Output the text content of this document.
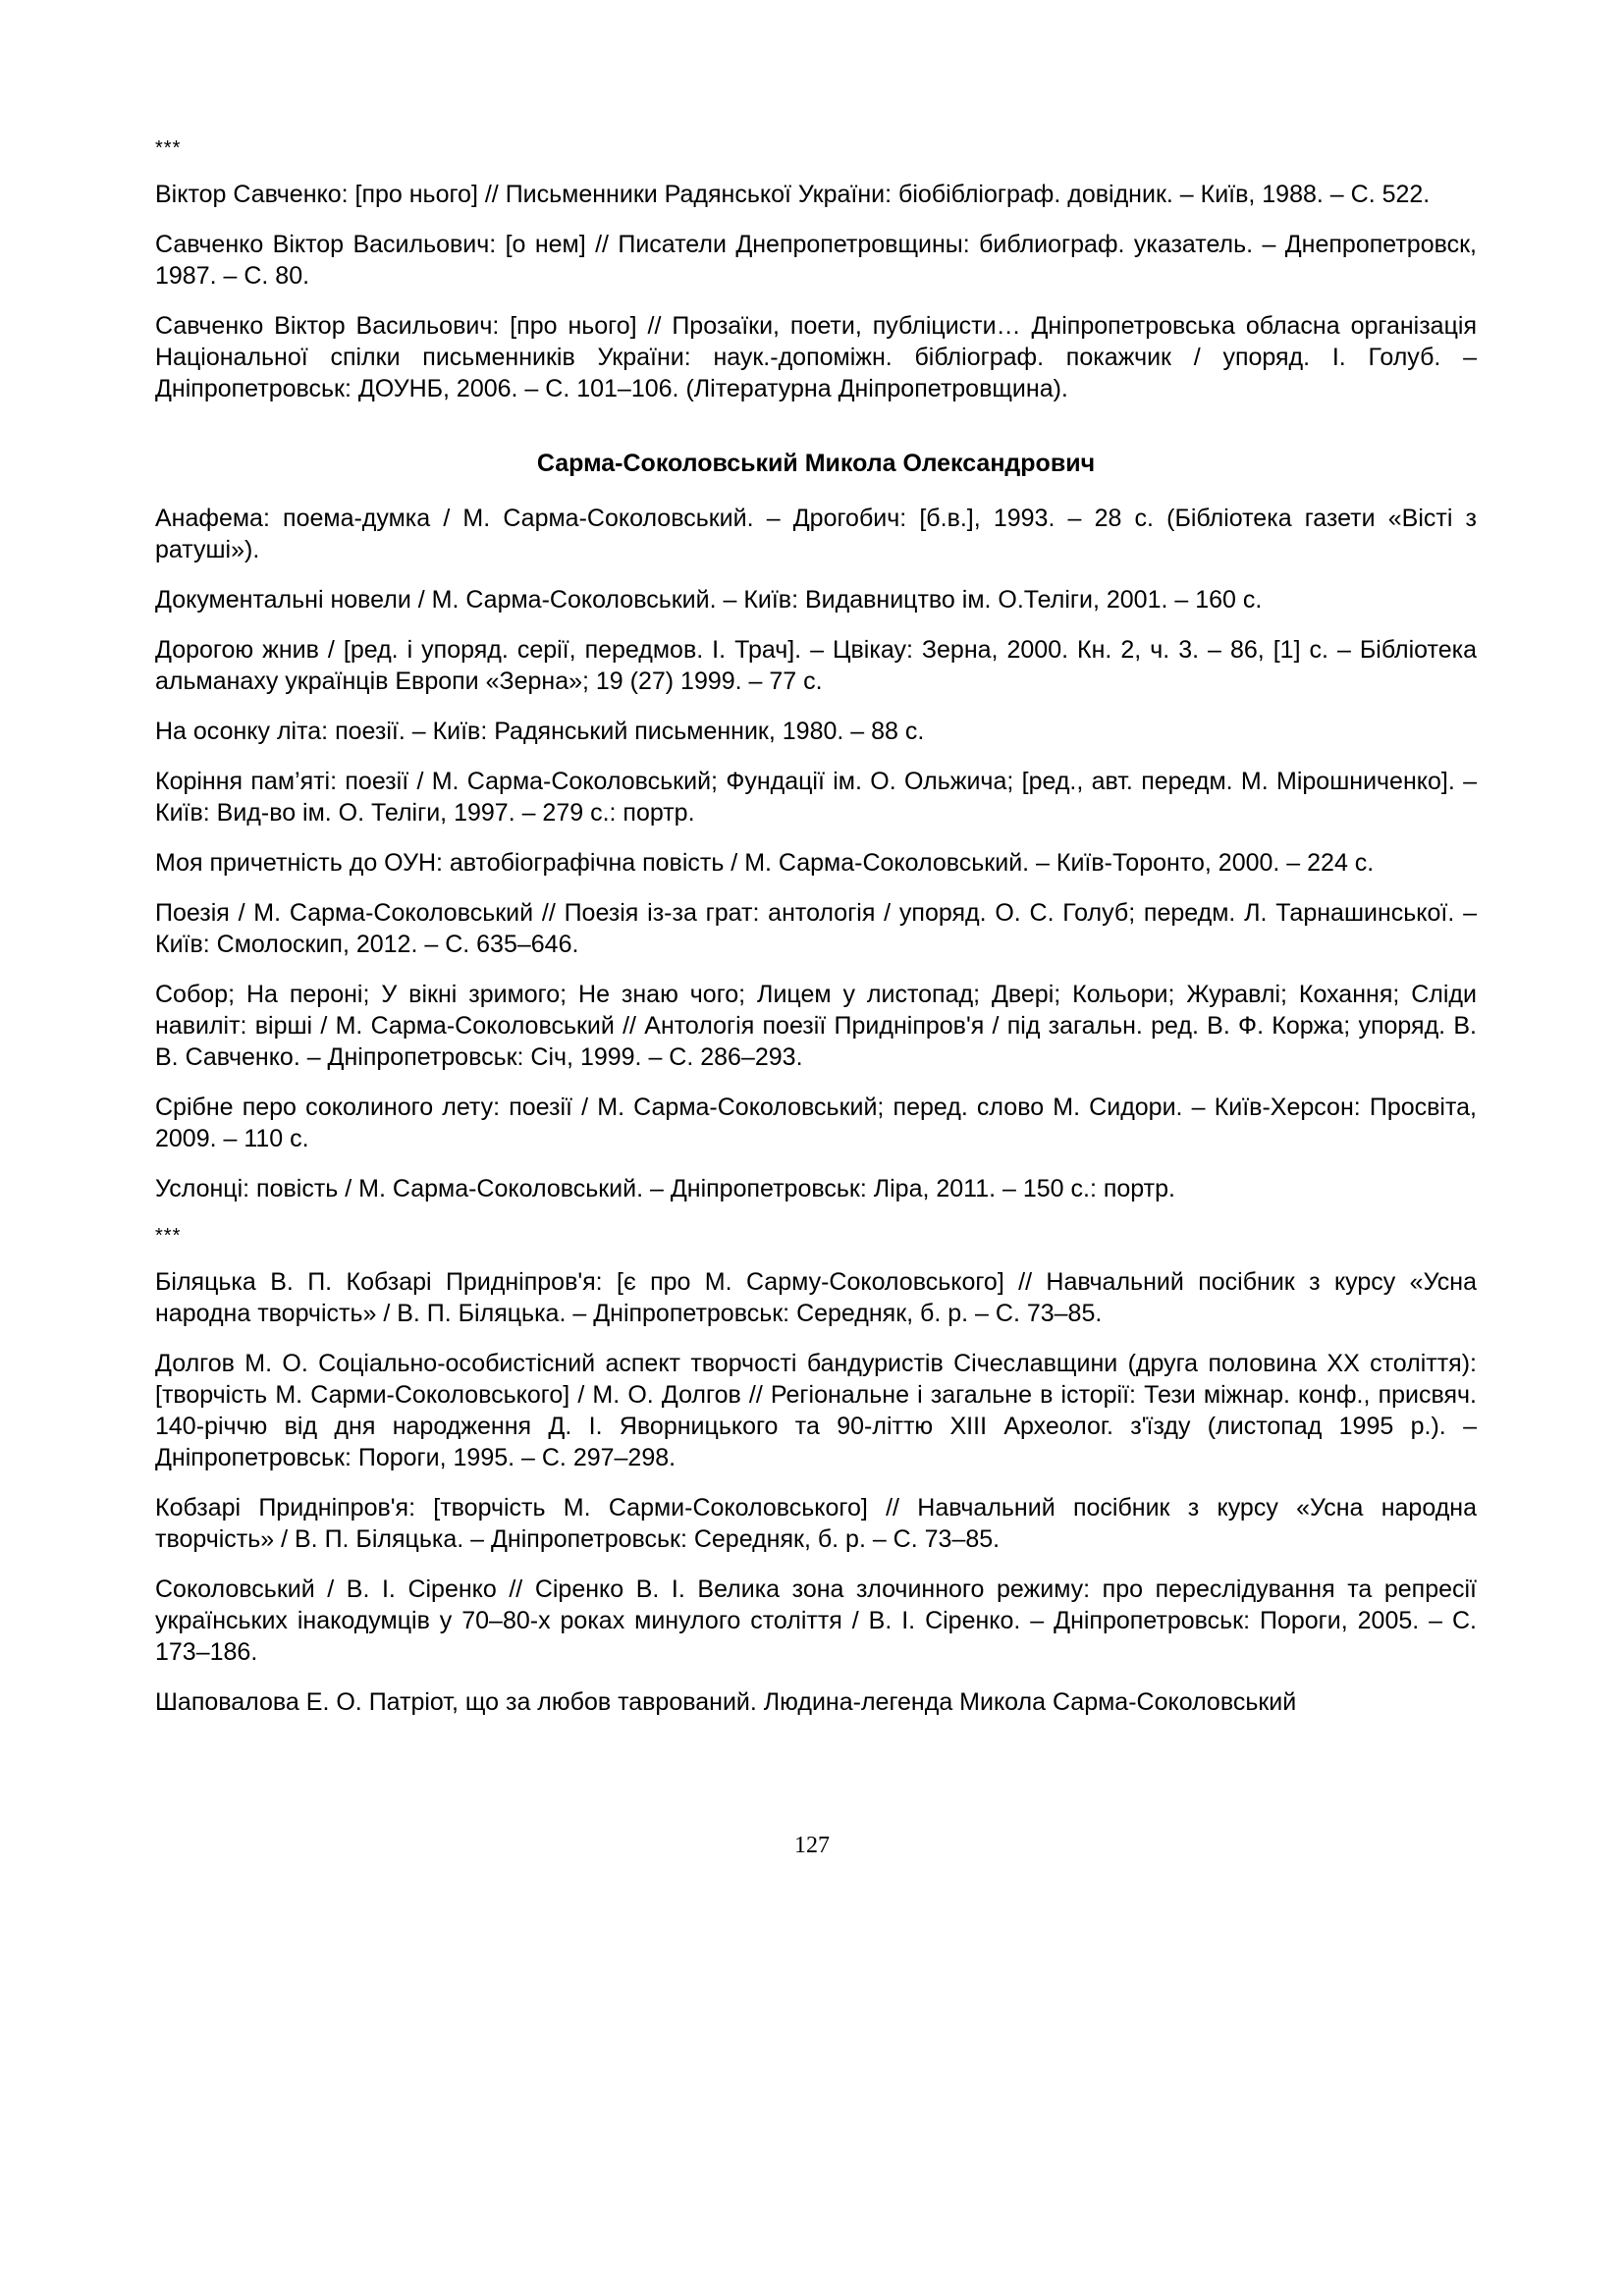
***

Віктор Савченко: [про нього] // Письменники Радянської України: біобібліограф. довідник. – Київ, 1988. – С. 522.

Савченко Віктор Васильович: [о нем] // Писатели Днепропетровщины: библиограф. указатель. – Днепропетровск, 1987. – С. 80.

Савченко Віктор Васильович: [про нього] // Прозаїки, поети, публіцисти… Дніпропетровська обласна організація Національної спілки письменників України: наук.-допоміжн. бібліограф. покажчик / упоряд. І. Голуб. – Дніпропетровськ: ДОУНБ, 2006. – С. 101–106. (Літературна Дніпропетровщина).

Сарма-Соколовський Микола Олександрович

Анафема: поема-думка / М. Сарма-Соколовський. – Дрогобич: [б.в.], 1993. – 28 с. (Бібліотека газети «Вісті з ратуші»).

Документальні новели / М. Сарма-Соколовський. – Київ: Видавництво ім. О.Теліги, 2001. – 160 с.

Дорогою жнив / [ред. і упоряд. серії, передмов. І. Трач]. – Цвікау: Зерна, 2000. Кн. 2, ч. 3. – 86, [1] с. – Бібліотека альманаху українців Европи «Зерна»; 19 (27) 1999. – 77 с.

На осонку літа: поезії. – Київ: Радянський письменник, 1980. – 88 с.

Коріння пам’яті: поезії / М. Сарма-Соколовський; Фундації ім. О. Ольжича; [ред., авт. передм. М. Мірошниченко]. – Київ: Вид-во ім. О. Теліги, 1997. – 279 с.: портр.

Моя причетність до ОУН: автобіографічна повість / М. Сарма-Соколовський. – Київ-Торонто, 2000. – 224 с.

Поезія / М. Сарма-Соколовський // Поезія із-за грат: антологія / упоряд. О. С. Голуб; передм. Л. Тарнашинської. – Київ: Смолоскип, 2012. – С. 635–646.

Собор; На пероні; У вікні зримого; Не знаю чого; Лицем у листопад; Двері; Кольори; Журавлі; Кохання; Сліди навиліт: вірші / М. Сарма-Соколовський // Антологія поезії Придніпров'я / під загальн. ред. В. Ф. Коржа; упоряд. В. В. Савченко. – Дніпропетровськ: Січ, 1999. – С. 286–293.

Срібне перо соколиного лету: поезії / М. Сарма-Соколовський; перед. слово М. Сидори. – Київ-Херсон: Просвіта, 2009. – 110 с.

Услонці: повість / М. Сарма-Соколовський. – Дніпропетровськ: Ліра, 2011. – 150 с.: портр.

***

Біляцька В. П. Кобзарі Придніпров'я: [є про М. Сарму-Соколовського] // Навчальний посібник з курсу «Усна народна творчість» / В. П. Біляцька. – Дніпропетровськ: Середняк, б. р. – С. 73–85.

Долгов М. О. Соціально-особистісний аспект творчості бандуристів Січеславщини (друга половина XX століття): [творчість М. Сарми-Соколовського] / М. О. Долгов // Регіональне і загальне в історії: Тези міжнар. конф., присвяч. 140-річчю від дня народження Д. І. Яворницького та 90-літтю XIII Археолог. з'їзду (листопад 1995 р.). – Дніпропетровськ: Пороги, 1995. – С. 297–298.

Кобзарі Придніпров'я: [творчість М. Сарми-Соколовського] // Навчальний посібник з курсу «Усна народна творчість» / В. П. Біляцька. – Дніпропетровськ: Середняк, б. р. – С. 73–85.

Соколовський / В. І. Сіренко // Сіренко В. І. Велика зона злочинного режиму: про переслідування та репресії українських інакодумців у 70–80-х роках минулого століття / В. І. Сіренко. – Дніпропетровськ: Пороги, 2005. – С. 173–186.

Шаповалова Е. О. Патріот, що за любов таврований. Людина-легенда Микола Сарма-Соколовський

127
